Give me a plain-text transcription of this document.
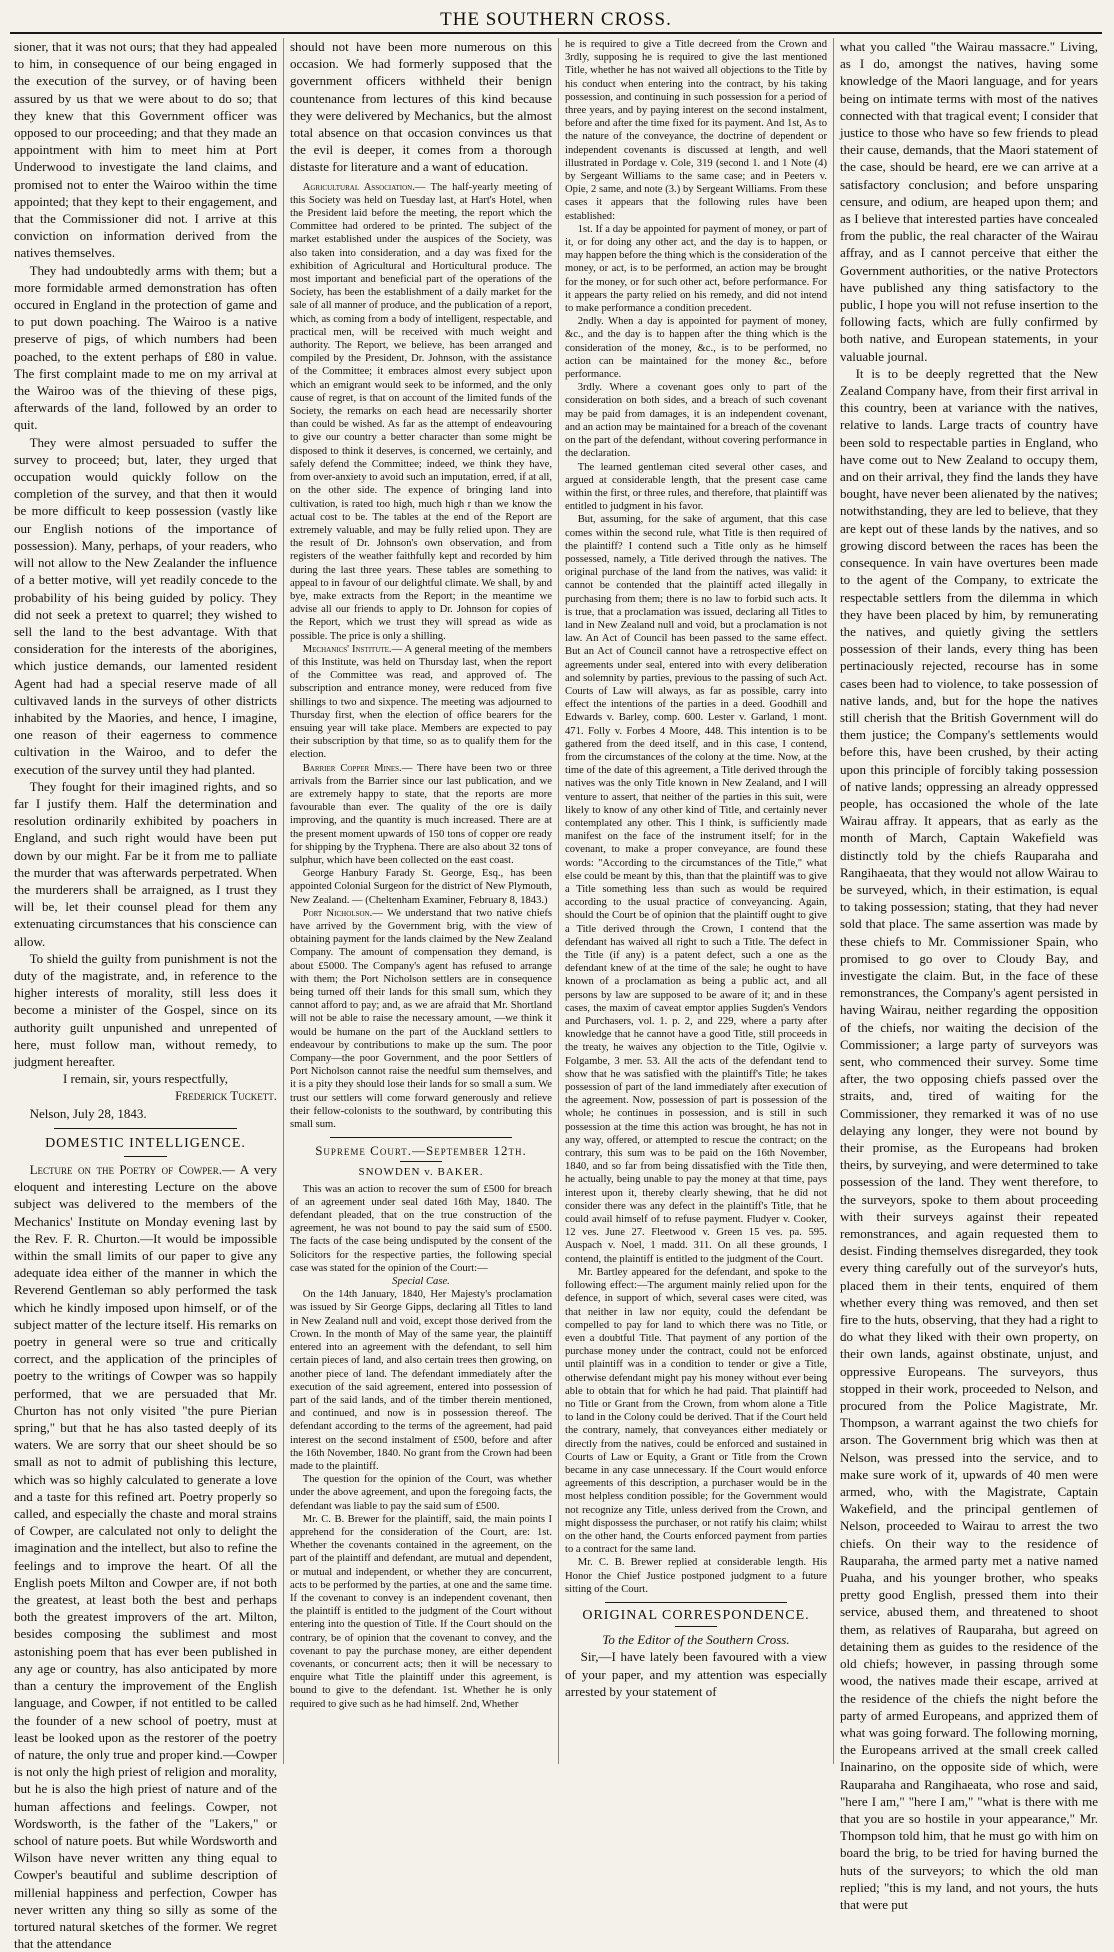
THE SOUTHERN CROSS.

sioner, that it was not ours; that they had appealed to him, in consequence of our being engaged in the execution of the survey, or of having been assured by us that we were about to do so; that they knew that this Government officer was opposed to our proceeding; and that they made an appointment with him to meet him at Port Underwood to investigate the land claims, and promised not to enter the Wairoo within the time appointed; that they kept to their engagement, and that the Commissioner did not. I arrive at this conviction on information derived from the natives themselves.

They had undoubtedly arms with them; but a more formidable armed demonstration has often occured in England in the protection of game and to put down poaching. The Wairoo is a native preserve of pigs, of which numbers had been poached, to the extent perhaps of £80 in value. The first complaint made to me on my arrival at the Wairoo was of the thieving of these pigs, afterwards of the land, followed by an order to quit.

They were almost persuaded to suffer the survey to proceed; but, later, they urged that occupation would quickly follow on the completion of the survey, and that then it would be more difficult to keep possession (vastly like our English notions of the importance of possession). Many, perhaps, of your readers, who will not allow to the New Zealander the influence of a better motive, will yet readily concede to the probability of his being guided by policy. They did not seek a pretext to quarrel; they wished to sell the land to the best advantage. With that consideration for the interests of the aborigines, which justice demands, our lamented resident Agent had had a special reserve made of all cultivaved lands in the surveys of other districts inhabited by the Maories, and hence, I imagine, one reason of their eagerness to commence cultivation in the Wairoo, and to defer the execution of the survey until they had planted.

They fought for their imagined rights, and so far I justify them. Half the determination and resolution ordinarily exhibited by poachers in England, and such right would have been put down by our might. Far be it from me to palliate the murder that was afterwards perpetrated. When the murderers shall be arraigned, as I trust they will be, let their counsel plead for them any extenuating circumstances that his conscience can allow.

To shield the guilty from punishment is not the duty of the magistrate, and, in reference to the higher interests of morality, still less does it become a minister of the Gospel, since on its authority guilt unpunished and unrepented of here, must follow man, without remedy, to judgment hereafter.

I remain, sir, yours respectfully,

Frederick Tuckett.

Nelson, July 28, 1843.

DOMESTIC INTELLIGENCE.

Lecture on the Poetry of Cowper.— A very eloquent and interesting Lecture on the above subject was delivered to the members of the Mechanics' Institute on Monday evening last by the Rev. F. R. Churton.—It would be impossible within the small limits of our paper to give any adequate idea either of the manner in which the Reverend Gentleman so ably performed the task which he kindly imposed upon himself, or of the subject matter of the lecture itself. His remarks on poetry in general were so true and critically correct, and the application of the principles of poetry to the writings of Cowper was so happily performed, that we are persuaded that Mr. Churton has not only visited "the pure Pierian spring," but that he has also tasted deeply of its waters. We are sorry that our sheet should be so small as not to admit of publishing this lecture, which was so highly calculated to generate a love and a taste for this refined art. Poetry properly so called, and especially the chaste and moral strains of Cowper, are calculated not only to delight the imagination and the intellect, but also to refine the feelings and to improve the heart. Of all the English poets Milton and Cowper are, if not both the greatest, at least both the best and perhaps both the greatest improvers of the art. Milton, besides composing the sublimest and most astonishing poem that has ever been published in any age or country, has also anticipated by more than a century the improvement of the English language, and Cowper, if not entitled to be called the founder of a new school of poetry, must at least be looked upon as the restorer of the poetry of nature, the only true and proper kind.—Cowper is not only the high priest of religion and morality, but he is also the high priest of nature and of the human affections and feelings. Cowper, not Wordsworth, is the father of the "Lakers," or school of nature poets. But while Wordsworth and Wilson have never written any thing equal to Cowper's beautiful and sublime description of millenial happiness and perfection, Cowper has never written any thing so silly as some of the tortured natural sketches of the former. We regret that the attendance

should not have been more numerous on this occasion. We had formerly supposed that the government officers withheld their benign countenance from lectures of this kind because they were delivered by Mechanics, but the almost total absence on that occasion convinces us that the evil is deeper, it comes from a thorough distaste for literature and a want of education.

Agricultural Association.— The half-yearly meeting of this Society was held on Tuesday last, at Hart's Hotel, when the President laid before the meeting, the report which the Committee had ordered to be printed. The subject of the market established under the auspices of the Society, was also taken into consideration, and a day was fixed for the exhibition of Agricultural and Horticultural produce. The most important and beneficial part of the operations of the Society, has been the establishment of a daily market for the sale of all manner of produce, and the publication of a report, which, as coming from a body of intelligent, respectable, and practical men, will be received with much weight and authority. The Report, we believe, has been arranged and compiled by the President, Dr. Johnson, with the assistance of the Committee; it embraces almost every subject upon which an emigrant would seek to be informed, and the only cause of regret, is that on account of the limited funds of the Society, the remarks on each head are necessarily shorter than could be wished. As far as the attempt of endeavouring to give our country a better character than some might be disposed to think it deserves, is concerned, we certainly, and safely defend the Committee; indeed, we think they have, from over-anxiety to avoid such an imputation, erred, if at all, on the other side. The expence of bringing land into cultivation, is rated too high, much high r than we know the actual cost to be. The tables at the end of the Report are extremely valuable, and may be fully relied upon. They are the result of Dr. Johnson's own observation, and from registers of the weather faithfully kept and recorded by him during the last three years. These tables are something to appeal to in favour of our delightful climate. We shall, by and bye, make extracts from the Report; in the meantime we advise all our friends to apply to Dr. Johnson for copies of the Report, which we trust they will spread as wide as possible. The price is only a shilling.

Mechanics' Institute.— A general meeting of the members of this Institute, was held on Thursday last, when the report of the Committee was read, and approved of. The subscription and entrance money, were reduced from five shillings to two and sixpence. The meeting was adjourned to Thursday first, when the election of office bearers for the ensuing year will take place. Members are expected to pay their subscription by that time, so as to qualify them for the election.

Barrier Copper Mines.— There have been two or three arrivals from the Barrier since our last publication, and we are extremely happy to state, that the reports are more favourable than ever. The quality of the ore is daily improving, and the quantity is much increased. There are at the present moment upwards of 150 tons of copper ore ready for shipping by the Tryphena. There are also about 32 tons of sulphur, which have been collected on the east coast.

George Hanbury Farady St. George, Esq., has been appointed Colonial Surgeon for the district of New Plymouth, New Zealand. — (Cheltenham Examiner, February 8, 1843.)

Port Nicholson.— We understand that two native chiefs have arrived by the Government brig, with the view of obtaining payment for the lands claimed by the New Zealand Company. The amount of compensation they demand, is about £5000. The Company's agent has refused to arrange with them; the Port Nicholson settlers are in consequence being turned off their lands for this small sum, which they cannot afford to pay; and, as we are afraid that Mr. Shortland will not be able to raise the necessary amount, —we think it would be humane on the part of the Auckland settlers to endeavour by contributions to make up the sum. The poor Company—the poor Government, and the poor Settlers of Port Nicholson cannot raise the needful sum themselves, and it is a pity they should lose their lands for so small a sum. We trust our settlers will come forward generously and relieve their fellow-colonists to the southward, by contributing this small sum.

Supreme Court.—September 12th.

SNOWDEN v. BAKER.

This was an action to recover the sum of £500 for breach of an agreement under seal dated 16th May, 1840. The defendant pleaded, that on the true construction of the agreement, he was not bound to pay the said sum of £500. The facts of the case being undisputed by the consent of the Solicitors for the respective parties, the following special case was stated for the opinion of the Court:—

Special Case.

On the 14th January, 1840, Her Majesty's proclamation was issued by Sir George Gipps, declaring all Titles to land in New Zealand null and void, except those derived from the Crown. In the month of May of the same year, the plaintiff entered into an agreement with the defendant, to sell him certain pieces of land, and also certain trees then growing, on another piece of land. The defendant immediately after the execution of the said agreement, entered into possession of part of the said lands, and of the timber therein mentioned, and continued, and now is in possession thereof. The defendant according to the terms of the agreement, had paid interest on the second instalment of £500, before and after the 16th November, 1840. No grant from the Crown had been made to the plaintiff.

The question for the opinion of the Court, was whether under the above agreement, and upon the foregoing facts, the defendant was liable to pay the said sum of £500.

Mr. C. B. Brewer for the plaintiff, said, the main points I apprehend for the consideration of the Court, are: 1st. Whether the covenants contained in the agreement, on the part of the plaintiff and defendant, are mutual and dependent, or mutual and independent, or whether they are concurrent, acts to be performed by the parties, at one and the same time. If the covenant to convey is an independent covenant, then the plaintiff is entitled to the judgment of the Court without entering into the question of Title. If the Court should on the contrary, be of opinion that the covenant to convey, and the covenant to pay the purchase money, are either dependent covenants, or concurrent acts; then it will be necessary to enquire what Title the plaintiff under this agreement, is bound to give to the defendant. 1st. Whether he is only required to give such as he had himself. 2nd, Whether

he is required to give a Title decreed from the Crown and 3rdly, supposing he is required to give the last mentioned Title, whether he has not waived all objections to the Title by his conduct when entering into the contract, by his taking possession, and continuing in such possession for a period of three years, and by paying interest on the second instalment, before and after the time fixed for its payment. And 1st, As to the nature of the conveyance, the doctrine of dependent or independent covenants is discussed at length, and well illustrated in Pordage v. Cole, 319 (second 1. and 1 Note (4) by Sergeant Williams to the same case; and in Peeters v. Opie, 2 same, and note (3.) by Sergeant Williams. From these cases it appears that the following rules have been established:

1st. If a day be appointed for payment of money, or part of it, or for doing any other act, and the day is to happen, or may happen before the thing which is the consideration of the money, or act, is to be performed, an action may be brought for the money, or for such other act, before performance. For it appears the party relied on his remedy, and did not intend to make performance a condition precedent.

2ndly. When a day is appointed for payment of money, &c., and the day is to happen after the thing which is the consideration of the money, &c., is to be performed, no action can be maintained for the money &c., before performance.

3rdly. Where a covenant goes only to part of the consideration on both sides, and a breach of such covenant may be paid from damages, it is an independent covenant, and an action may be maintained for a breach of the covenant on the part of the defendant, without covering performance in the declaration.

The learned gentleman cited several other cases, and argued at considerable length, that the present case came within the first, or three rules, and therefore, that plaintiff was entitled to judgment in his favor.

But, assuming, for the sake of argument, that this case comes within the second rule, what Title is then required of the plaintiff? I contend such a Title only as he himself possessed, namely, a Title derived through the natives. The original purchase of the land from the natives, was valid: it cannot be contended that the plaintiff acted illegally in purchasing from them; there is no law to forbid such acts. It is true, that a proclamation was issued, declaring all Titles to land in New Zealand null and void, but a proclamation is not law. An Act of Council has been passed to the same effect. But an Act of Council cannot have a retrospective effect on agreements under seal, entered into with every deliberation and solemnity by parties, previous to the passing of such Act. Courts of Law will always, as far as possible, carry into effect the intentions of the parties in a deed. Goodhill and Edwards v. Barley, comp. 600. Lester v. Garland, 1 mont. 471. Folly v. Forbes 4 Moore, 448. This intention is to be gathered from the deed itself, and in this case, I contend, from the circumstances of the colony at the time. Now, at the time of the date of this agreement, a Title derived through the natives was the only Title known in New Zealand, and I will venture to assert, that neither of the parties in this suit, were likely to know of any other kind of Title, and certainly never contemplated any other. This I think, is sufficiently made manifest on the face of the instrument itself; for in the covenant, to make a proper conveyance, are found these words: "According to the circumstances of the Title," what else could be meant by this, than that the plaintiff was to give a Title something less than such as would be required according to the usual practice of conveyancing. Again, should the Court be of opinion that the plaintiff ought to give a Title derived through the Crown, I contend that the defendant has waived all right to such a Title. The defect in the Title (if any) is a patent defect, such a one as the defendant knew of at the time of the sale; he ought to have known of a proclamation as being a public act, and all persons by law are supposed to be aware of it; and in these cases, the maxim of caveat emptor applies Sugden's Vendors and Purchasers, vol. 1. p. 2, and 229, where a party after knowledge that he cannot have a good Title, still proceeds in the treaty, he waives any objection to the Title, Ogilvie v. Folgambe, 3 mer. 53. All the acts of the defendant tend to show that he was satisfied with the plaintiff's Title; he takes possession of part of the land immediately after execution of the agreement. Now, possession of part is possession of the whole; he continues in possession, and is still in such possession at the time this action was brought, he has not in any way, offered, or attempted to rescue the contract; on the contrary, this sum was to be paid on the 16th November, 1840, and so far from being dissatisfied with the Title then, he actually, being unable to pay the money at that time, pays interest upon it, thereby clearly shewing, that he did not consider there was any defect in the plaintiff's Title, that he could avail himself of to refuse payment. Fludyer v. Cooker, 12 ves. June 27. Fleetwood v. Green 15 ves. pa. 595. Auspach v. Noel, 1 madd. 311. On all these grounds, I contend, the plaintiff is entitled to the judgment of the Court.

Mr. Bartley appeared for the defendant, and spoke to the following effect:—The argument mainly relied upon for the defence, in support of which, several cases were cited, was that neither in law nor equity, could the defendant be compelled to pay for land to which there was no Title, or even a doubtful Title. That payment of any portion of the purchase money under the contract, could not be enforced until plaintiff was in a condition to tender or give a Title, otherwise defendant might pay his money without ever being able to obtain that for which he had paid. That plaintiff had no Title or Grant from the Crown, from whom alone a Title to land in the Colony could be derived. That if the Court held the contrary, namely, that conveyances either mediately or directly from the natives, could be enforced and sustained in Courts of Law or Equity, a Grant or Title from the Crown became in any case unnecessary. If the Court would enforce agreements of this description, a purchaser would be in the most helpless condition possible; for the Government would not recognize any Title, unless derived from the Crown, and might dispossess the purchaser, or not ratify his claim; whilst on the other hand, the Courts enforced payment from parties to a contract for the same land.

Mr. C. B. Brewer replied at considerable length. His Honor the Chief Justice postponed judgment to a future sitting of the Court.

ORIGINAL CORRESPONDENCE.

To the Editor of the Southern Cross.

Sir,—I have lately been favoured with a view of your paper, and my attention was especially arrested by your statement of

what you called "the Wairau massacre." Living, as I do, amongst the natives, having some knowledge of the Maori language, and for years being on intimate terms with most of the natives connected with that tragical event; I consider that justice to those who have so few friends to plead their cause, demands, that the Maori statement of the case, should be heard, ere we can arrive at a satisfactory conclusion; and before unsparing censure, and odium, are heaped upon them; and as I believe that interested parties have concealed from the public, the real character of the Wairau affray, and as I cannot perceive that either the Government authorities, or the native Protectors have published any thing satisfactory to the public, I hope you will not refuse insertion to the following facts, which are fully confirmed by both native, and European statements, in your valuable journal.

It is to be deeply regretted that the New Zealand Company have, from their first arrival in this country, been at variance with the natives, relative to lands. Large tracts of country have been sold to respectable parties in England, who have come out to New Zealand to occupy them, and on their arrival, they find the lands they have bought, have never been alienated by the natives; notwithstanding, they are led to believe, that they are kept out of these lands by the natives, and so growing discord between the races has been the consequence. In vain have overtures been made to the agent of the Company, to extricate the respectable settlers from the dilemma in which they have been placed by him, by remunerating the natives, and quietly giving the settlers possession of their lands, every thing has been pertinaciously rejected, recourse has in some cases been had to violence, to take possession of native lands, and, but for the hope the natives still cherish that the British Government will do them justice; the Company's settlements would before this, have been crushed, by their acting upon this principle of forcibly taking possession of native lands; oppressing an already oppressed people, has occasioned the whole of the late Wairau affray. It appears, that as early as the month of March, Captain Wakefield was distinctly told by the chiefs Rauparaha and Rangihaeata, that they would not allow Wairau to be surveyed, which, in their estimation, is equal to taking possession; stating, that they had never sold that place. The same assertion was made by these chiefs to Mr. Commissioner Spain, who promised to go over to Cloudy Bay, and investigate the claim. But, in the face of these remonstrances, the Company's agent persisted in having Wairau, neither regarding the opposition of the chiefs, nor waiting the decision of the Commissioner; a large party of surveyors was sent, who commenced their survey. Some time after, the two opposing chiefs passed over the straits, and, tired of waiting for the Commissioner, they remarked it was of no use delaying any longer, they were not bound by their promise, as the Europeans had broken theirs, by surveying, and were determined to take possession of the land. They went therefore, to the surveyors, spoke to them about proceeding with their surveys against their repeated remonstrances, and again requested them to desist. Finding themselves disregarded, they took every thing carefully out of the surveyor's huts, placed them in their tents, enquired of them whether every thing was removed, and then set fire to the huts, observing, that they had a right to do what they liked with their own property, on their own lands, against obstinate, unjust, and oppressive Europeans. The surveyors, thus stopped in their work, proceeded to Nelson, and procured from the Police Magistrate, Mr. Thompson, a warrant against the two chiefs for arson. The Government brig which was then at Nelson, was pressed into the service, and to make sure work of it, upwards of 40 men were armed, who, with the Magistrate, Captain Wakefield, and the principal gentlemen of Nelson, proceeded to Wairau to arrest the two chiefs. On their way to the residence of Rauparaha, the armed party met a native named Puaha, and his younger brother, who speaks pretty good English, pressed them into their service, abused them, and threatened to shoot them, as relatives of Rauparaha, but agreed on detaining them as guides to the residence of the old chiefs; however, in passing through some wood, the natives made their escape, arrived at the residence of the chiefs the night before the party of armed Europeans, and apprized them of what was going forward. The following morning, the Europeans arrived at the small creek called Inainarino, on the opposite side of which, were Rauparaha and Rangihaeata, who rose and said, "here I am," "here I am," "what is there with me that you are so hostile in your appearance," Mr. Thompson told him, that he must go with him on board the brig, to be tried for having burned the huts of the surveyors; to which the old man replied; "this is my land, and not yours, the huts that were put
